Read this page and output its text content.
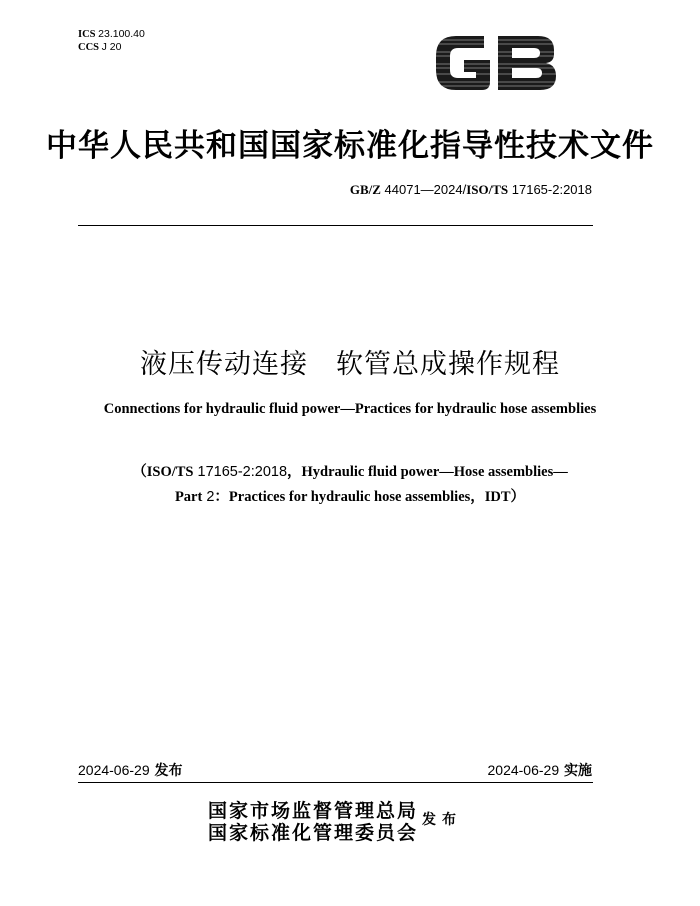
ICS 23.100.40
CCS J 20
中华人民共和国国家标准化指导性技术文件
GB/Z 44071—2024/ISO/TS 17165-2:2018
液压传动连接 软管总成操作规程
Connections for hydraulic fluid power—Practices for hydraulic hose assemblies
（ISO/TS 17165-2:2018，Hydraulic fluid power—Hose assemblies—
Part 2：Practices for hydraulic hose assemblies，IDT）
2024-06-29 发布	2024-06-29 实施
国家市场监督管理总局
国家标准化管理委员会
发布
